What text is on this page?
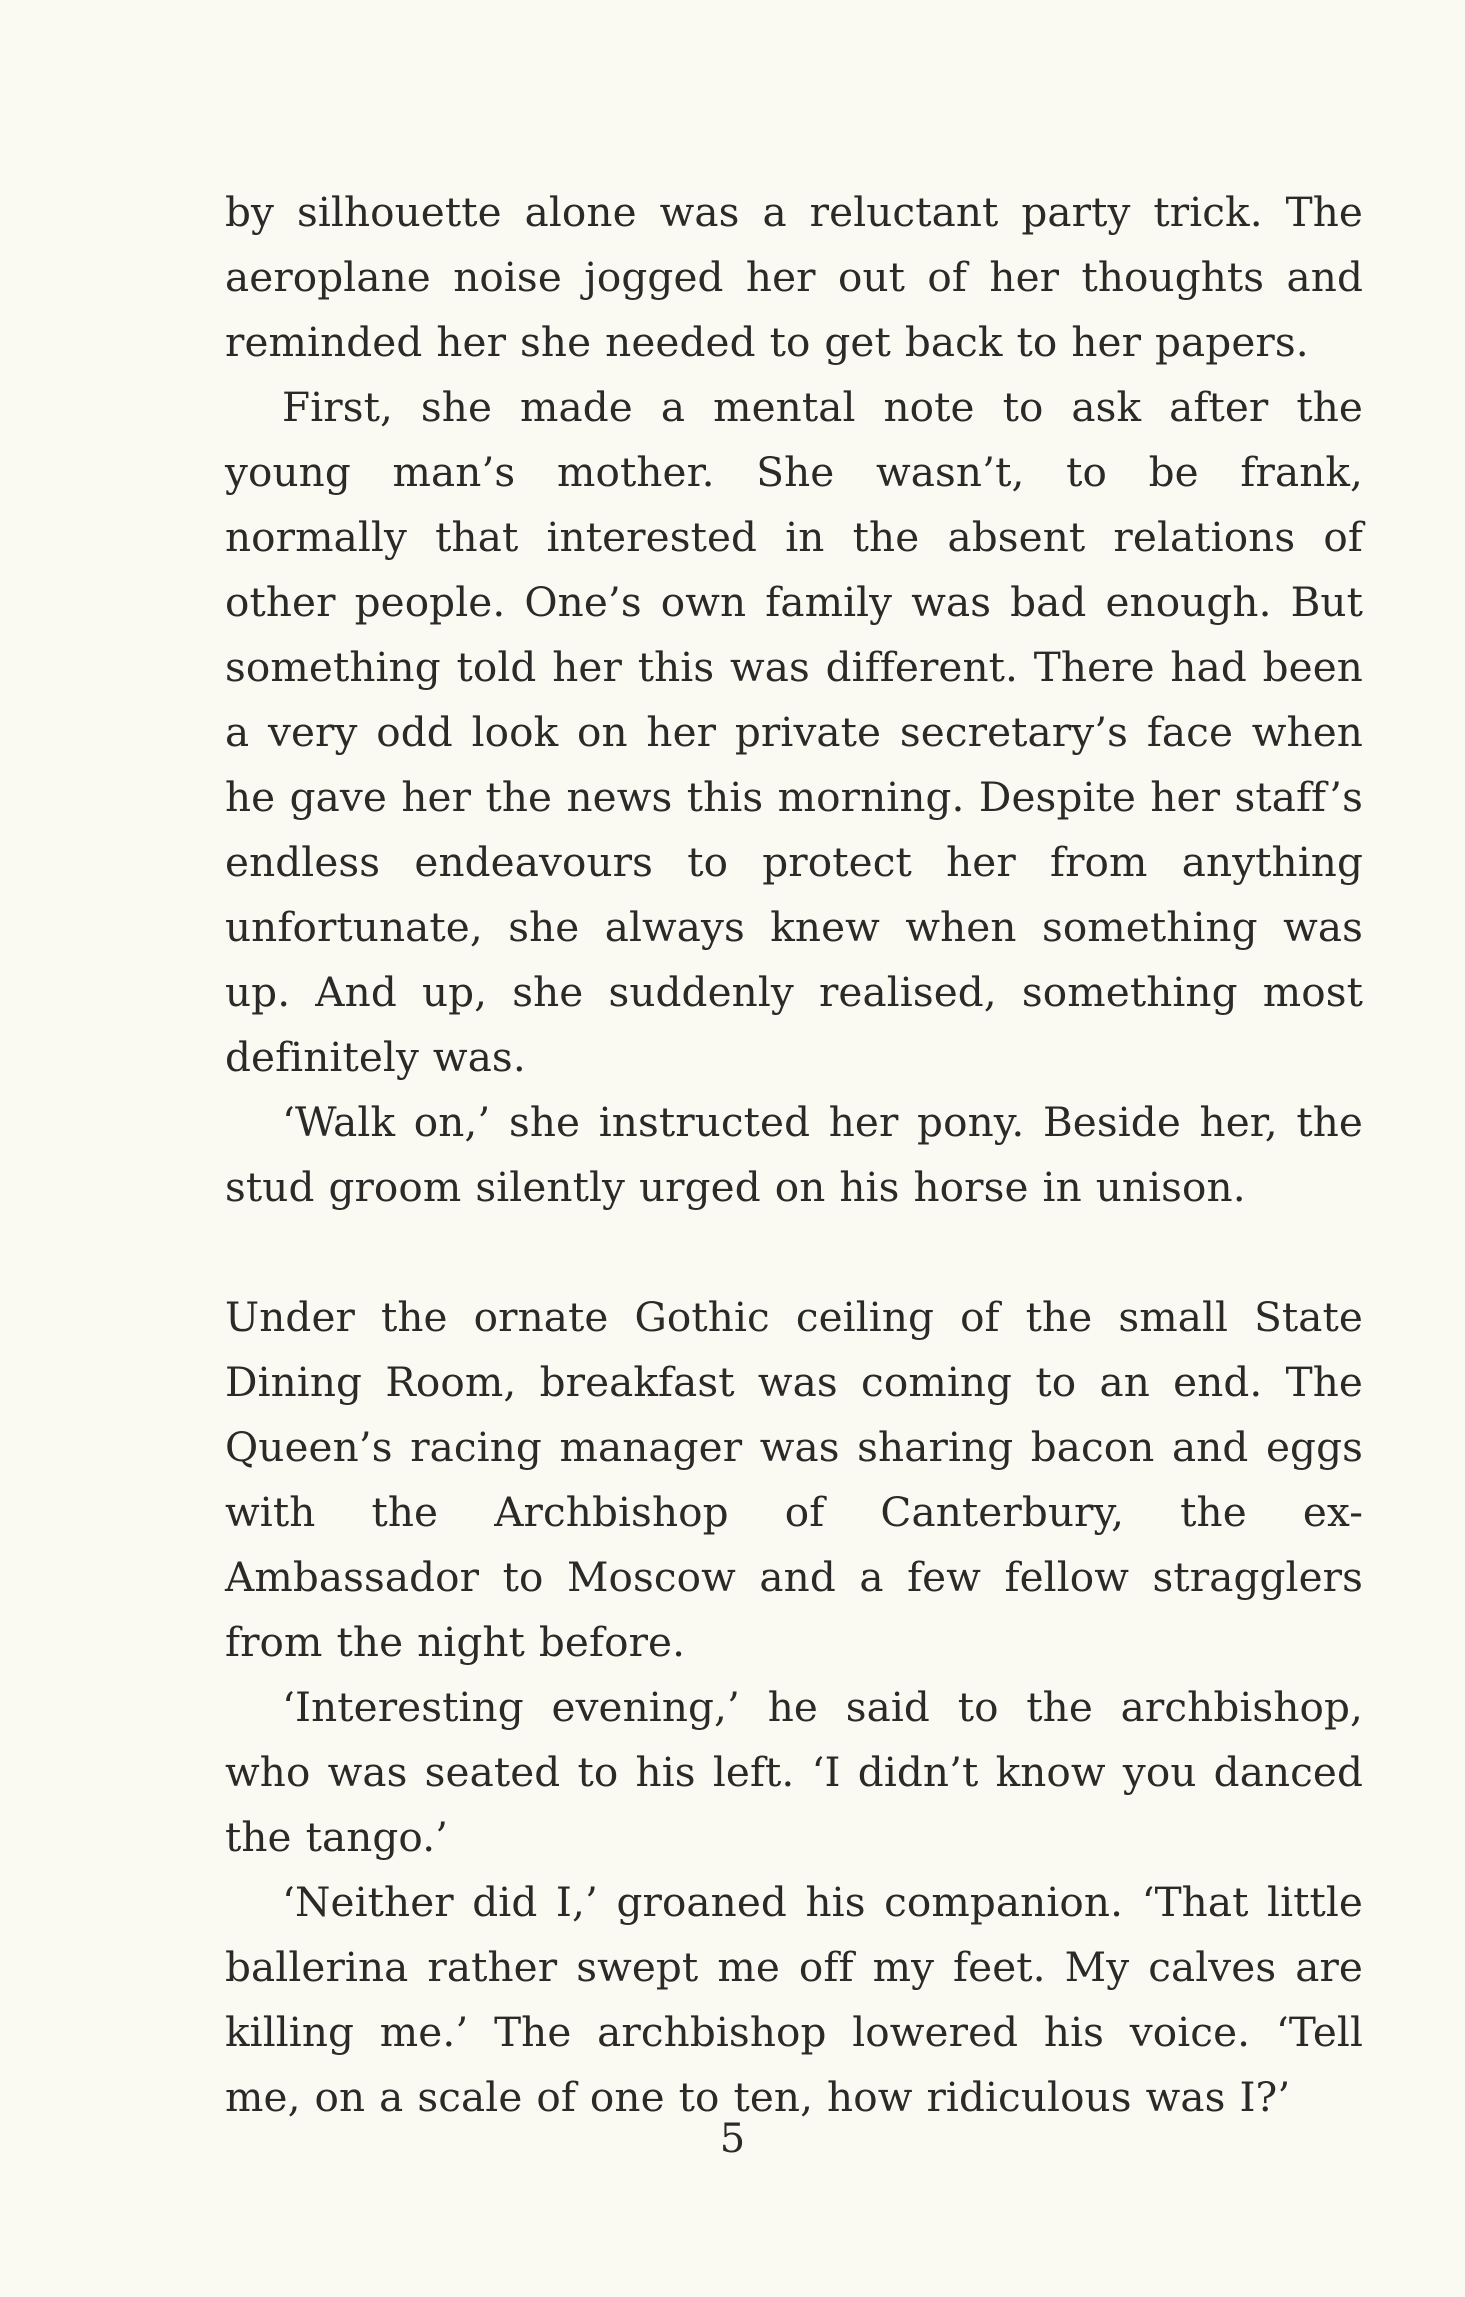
by silhouette alone was a reluctant party trick. The aeroplane noise jogged her out of her thoughts and reminded her she needed to get back to her papers.

First, she made a mental note to ask after the young man’s mother. She wasn’t, to be frank, normally that interested in the absent relations of other people. One’s own family was bad enough. But something told her this was different. There had been a very odd look on her private secretary’s face when he gave her the news this morning. Despite her staff’s endless endeavours to protect her from anything unfortunate, she always knew when something was up. And up, she suddenly realised, something most definitely was.

‘Walk on,’ she instructed her pony. Beside her, the stud groom silently urged on his horse in unison.

Under the ornate Gothic ceiling of the small State Dining Room, breakfast was coming to an end. The Queen’s racing manager was sharing bacon and eggs with the Archbishop of Canterbury, the ex-Ambassador to Moscow and a few fellow stragglers from the night before.

‘Interesting evening,’ he said to the archbishop, who was seated to his left. ‘I didn’t know you danced the tango.’

‘Neither did I,’ groaned his companion. ‘That little ballerina rather swept me off my feet. My calves are killing me.’ The archbishop lowered his voice. ‘Tell me, on a scale of one to ten, how ridiculous was I?’

5
